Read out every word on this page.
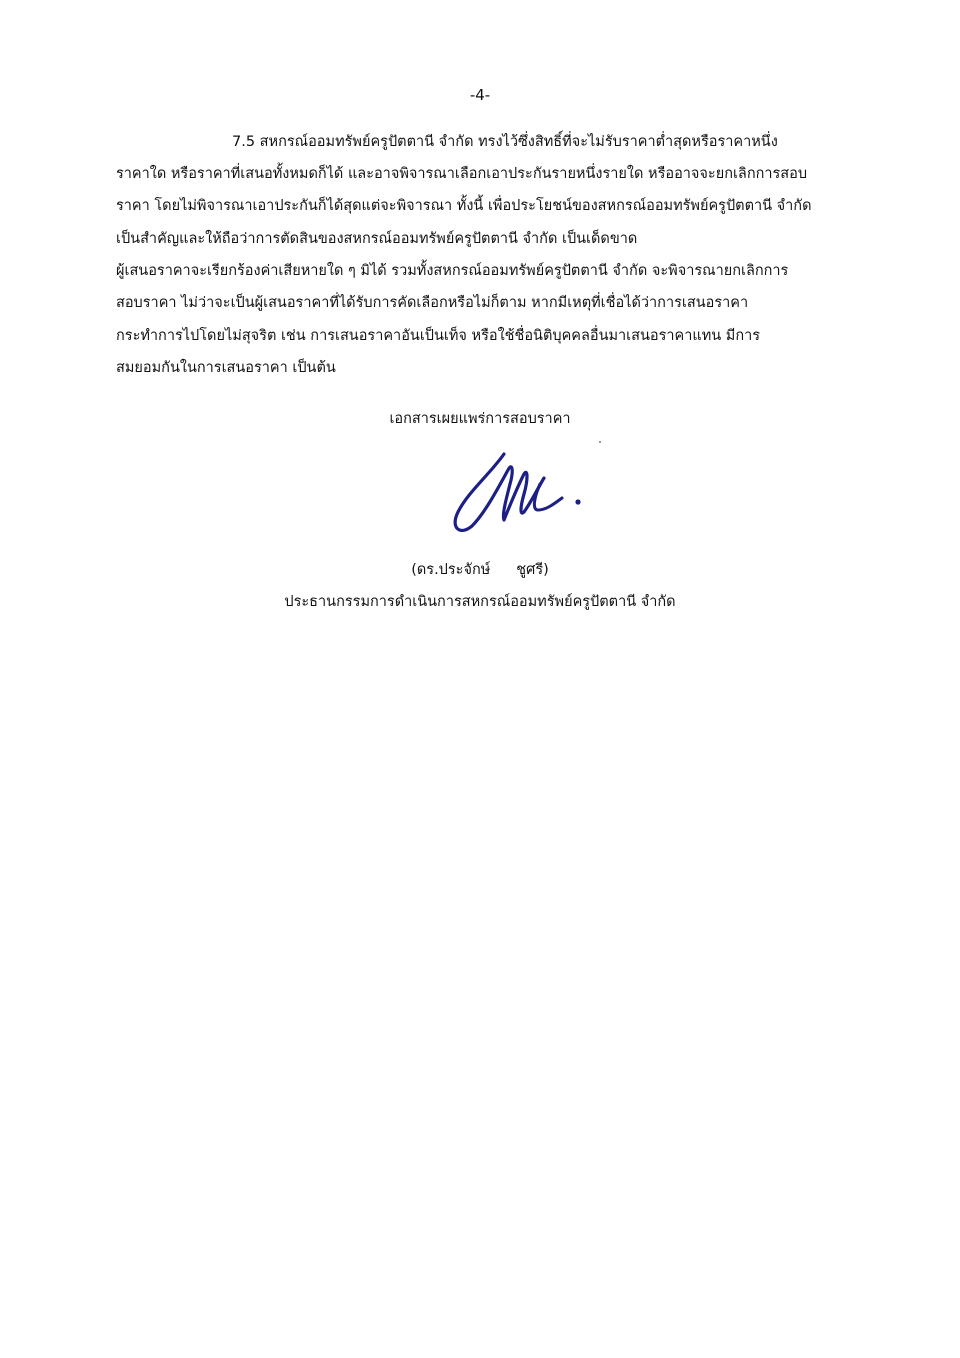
-4-
7.5 สหกรณ์ออมทรัพย์ครูปัตตานี จำกัด ทรงไว้ซึ่งสิทธิ์ที่จะไม่รับราคาต่ำสุดหรือราคาหนึ่ง
ราคาใด หรือราคาที่เสนอทั้งหมดก็ได้ และอาจพิจารณาเลือกเอาประกันรายหนึ่งรายใด หรืออาจจะยกเลิกการสอบ
ราคา โดยไม่พิจารณาเอาประกันก็ได้สุดแต่จะพิจารณา ทั้งนี้ เพื่อประโยชน์ของสหกรณ์ออมทรัพย์ครูปัตตานี จำกัด
เป็นสำคัญและให้ถือว่าการตัดสินของสหกรณ์ออมทรัพย์ครูปัตตานี จำกัด เป็นเด็ดขาด
ผู้เสนอราคาจะเรียกร้องค่าเสียหายใด ๆ มิได้ รวมทั้งสหกรณ์ออมทรัพย์ครูปัตตานี จำกัด จะพิจารณายกเลิกการ
สอบราคา ไม่ว่าจะเป็นผู้เสนอราคาที่ได้รับการคัดเลือกหรือไม่ก็ตาม หากมีเหตุที่เชื่อได้ว่าการเสนอราคา
กระทำการไปโดยไม่สุจริต เช่น การเสนอราคาอันเป็นเท็จ หรือใช้ชื่อนิติบุคคลอื่นมาเสนอราคาแทน มีการ
สมยอมกันในการเสนอราคา เป็นต้น
เอกสารเผยแพร่การสอบราคา
(ดร.ประจักษ์ ชูศรี)
ประธานกรรมการดำเนินการสหกรณ์ออมทรัพย์ครูปัตตานี จำกัด
